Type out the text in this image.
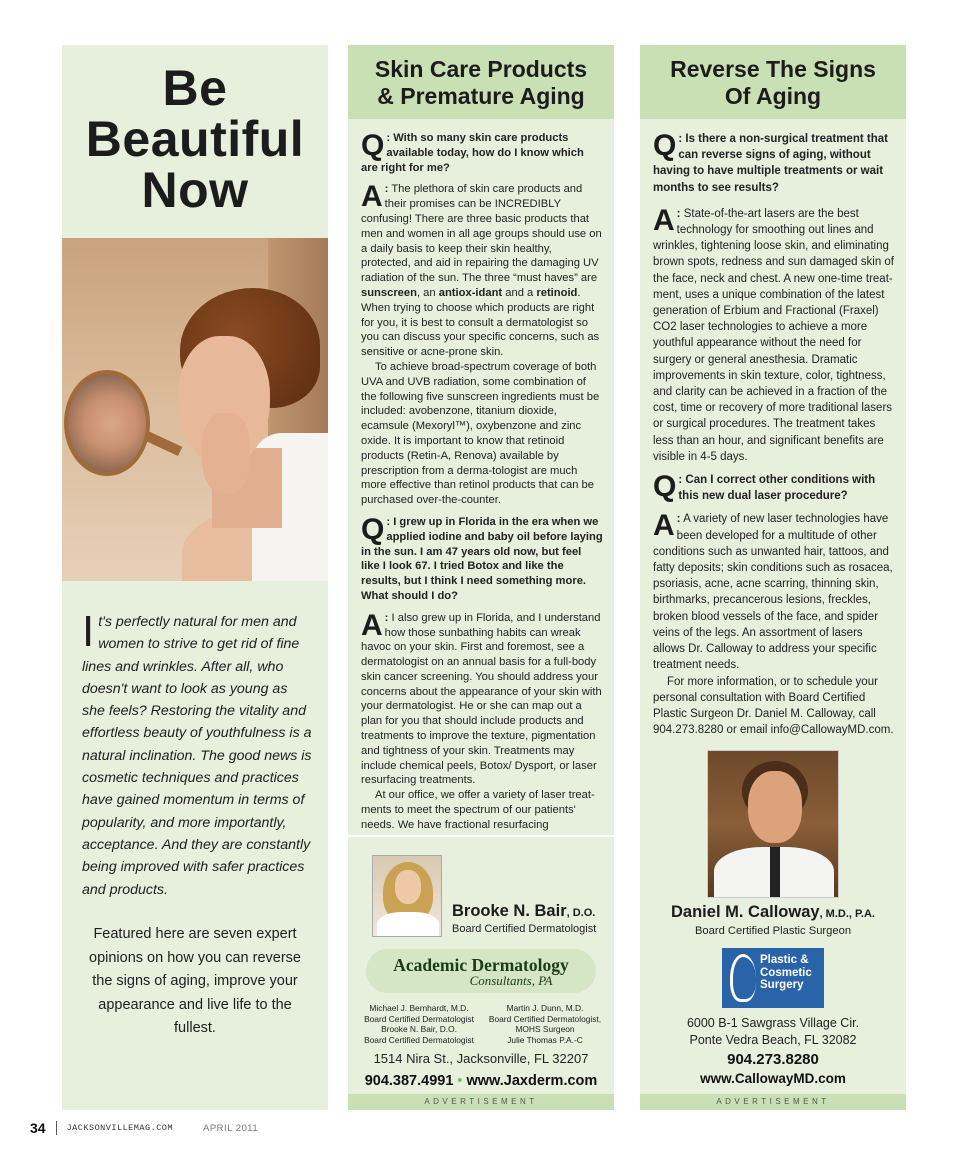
Be
Beautiful
Now
It's perfectly natural for men and women to strive to get rid of fine lines and wrinkles. After all, who doesn't want to look as young as she feels? Restoring the vitality and effortless beauty of youthfulness is a natural inclination. The good news is cosmetic techniques and practices have gained momentum in terms of popularity, and more importantly, acceptance. And they are constantly being improved with safer practices and products.
Featured here are seven expert opinions on how you can reverse the signs of aging, improve your appearance and live life to the fullest.
Skin Care Products
& Premature Aging
Q : With so many skin care products available today, how do I know which are right for me?
A : The plethora of skin care products and their promises can be INCREDIBLY confusing! There are three basic products that men and women in all age groups should use on a daily basis to keep their skin healthy, protected, and aid in repairing the damaging UV radiation of the sun. The three “must haves” are sunscreen, an antiox-idant and a retinoid. When trying to choose which products are right for you, it is best to consult a dermatologist so you can discuss your specific concerns, such as sensitive or acne-prone skin.
To achieve broad-spectrum coverage of both UVA and UVB radiation, some combination of the following five sunscreen ingredients must be included: avobenzone, titanium dioxide, ecamsule (Mexoryl™), oxybenzone and zinc oxide. It is important to know that retinoid products (Retin-A, Renova) available by prescription from a derma-tologist are much more effective than retinol products that can be purchased over-the-counter.
Q : I grew up in Florida in the era when we applied iodine and baby oil before laying in the sun. I am 47 years old now, but feel like I look 67. I tried Botox and like the results, but I think I need something more. What should I do?
A : I also grew up in Florida, and I understand how those sunbathing habits can wreak havoc on your skin. First and foremost, see a dermatologist on an annual basis for a full-body skin cancer screening. You should address your concerns about the appearance of your skin with your dermatologist. He or she can map out a plan for you that should include products and treatments to improve the texture, pigmentation and tightness of your skin. Treatments may include chemical peels, Botox/ Dysport, or laser resurfacing treatments.
At our office, we offer a variety of laser treat-ments to meet the spectrum of our patients' needs. We have fractional resurfacing
Brooke N. Bair, D.O.
Board Certified Dermatologist
Academic Dermatology
Consultants, PA
Michael J. Bernhardt, M.D.
Board Certified Dermatologist
Brooke N. Bair, D.O.
Board Certified Dermatologist
Martin J. Dunn, M.D.
Board Certified Dermatologist,
MOHS Surgeon
Julie Thomas P.A.-C
1514 Nira St., Jacksonville, FL 32207
904.387.4991 • www.Jaxderm.com
ADVERTISEMENT
Reverse The Signs
Of Aging
Q : Is there a non-surgical treatment that can reverse signs of aging, without having to have multiple treatments or wait months to see results?
A : State-of-the-art lasers are the best technology for smoothing out lines and wrinkles, tightening loose skin, and eliminating brown spots, redness and sun damaged skin of the face, neck and chest. A new one-time treat-ment, uses a unique combination of the latest generation of Erbium and Fractional (Fraxel) CO2 laser technologies to achieve a more youthful appearance without the need for surgery or general anesthesia. Dramatic improvements in skin texture, color, tightness, and clarity can be achieved in a fraction of the cost, time or recovery of more traditional lasers or surgical procedures. The treatment takes less than an hour, and significant benefits are visible in 4-5 days.
Q : Can I correct other conditions with this new dual laser procedure?
A : A variety of new laser technologies have been developed for a multitude of other conditions such as unwanted hair, tattoos, and fatty deposits; skin conditions such as rosacea, psoriasis, acne, acne scarring, thinning skin, birthmarks, precancerous lesions, freckles, broken blood vessels of the face, and spider veins of the legs. An assortment of lasers allows Dr. Calloway to address your specific treatment needs.
For more information, or to schedule your personal consultation with Board Certified Plastic Surgeon Dr. Daniel M. Calloway, call 904.273.8280 or email info@CallowayMD.com.
Daniel M. Calloway, M.D., P.A.
Board Certified Plastic Surgeon
Plastic &
Cosmetic
Surgery
6000 B-1 Sawgrass Village Cir.
Ponte Vedra Beach, FL 32082
904.273.8280
www.CallowayMD.com
ADVERTISEMENT
34 JACKSONVILLEMAG.COM	APRIL 2011
